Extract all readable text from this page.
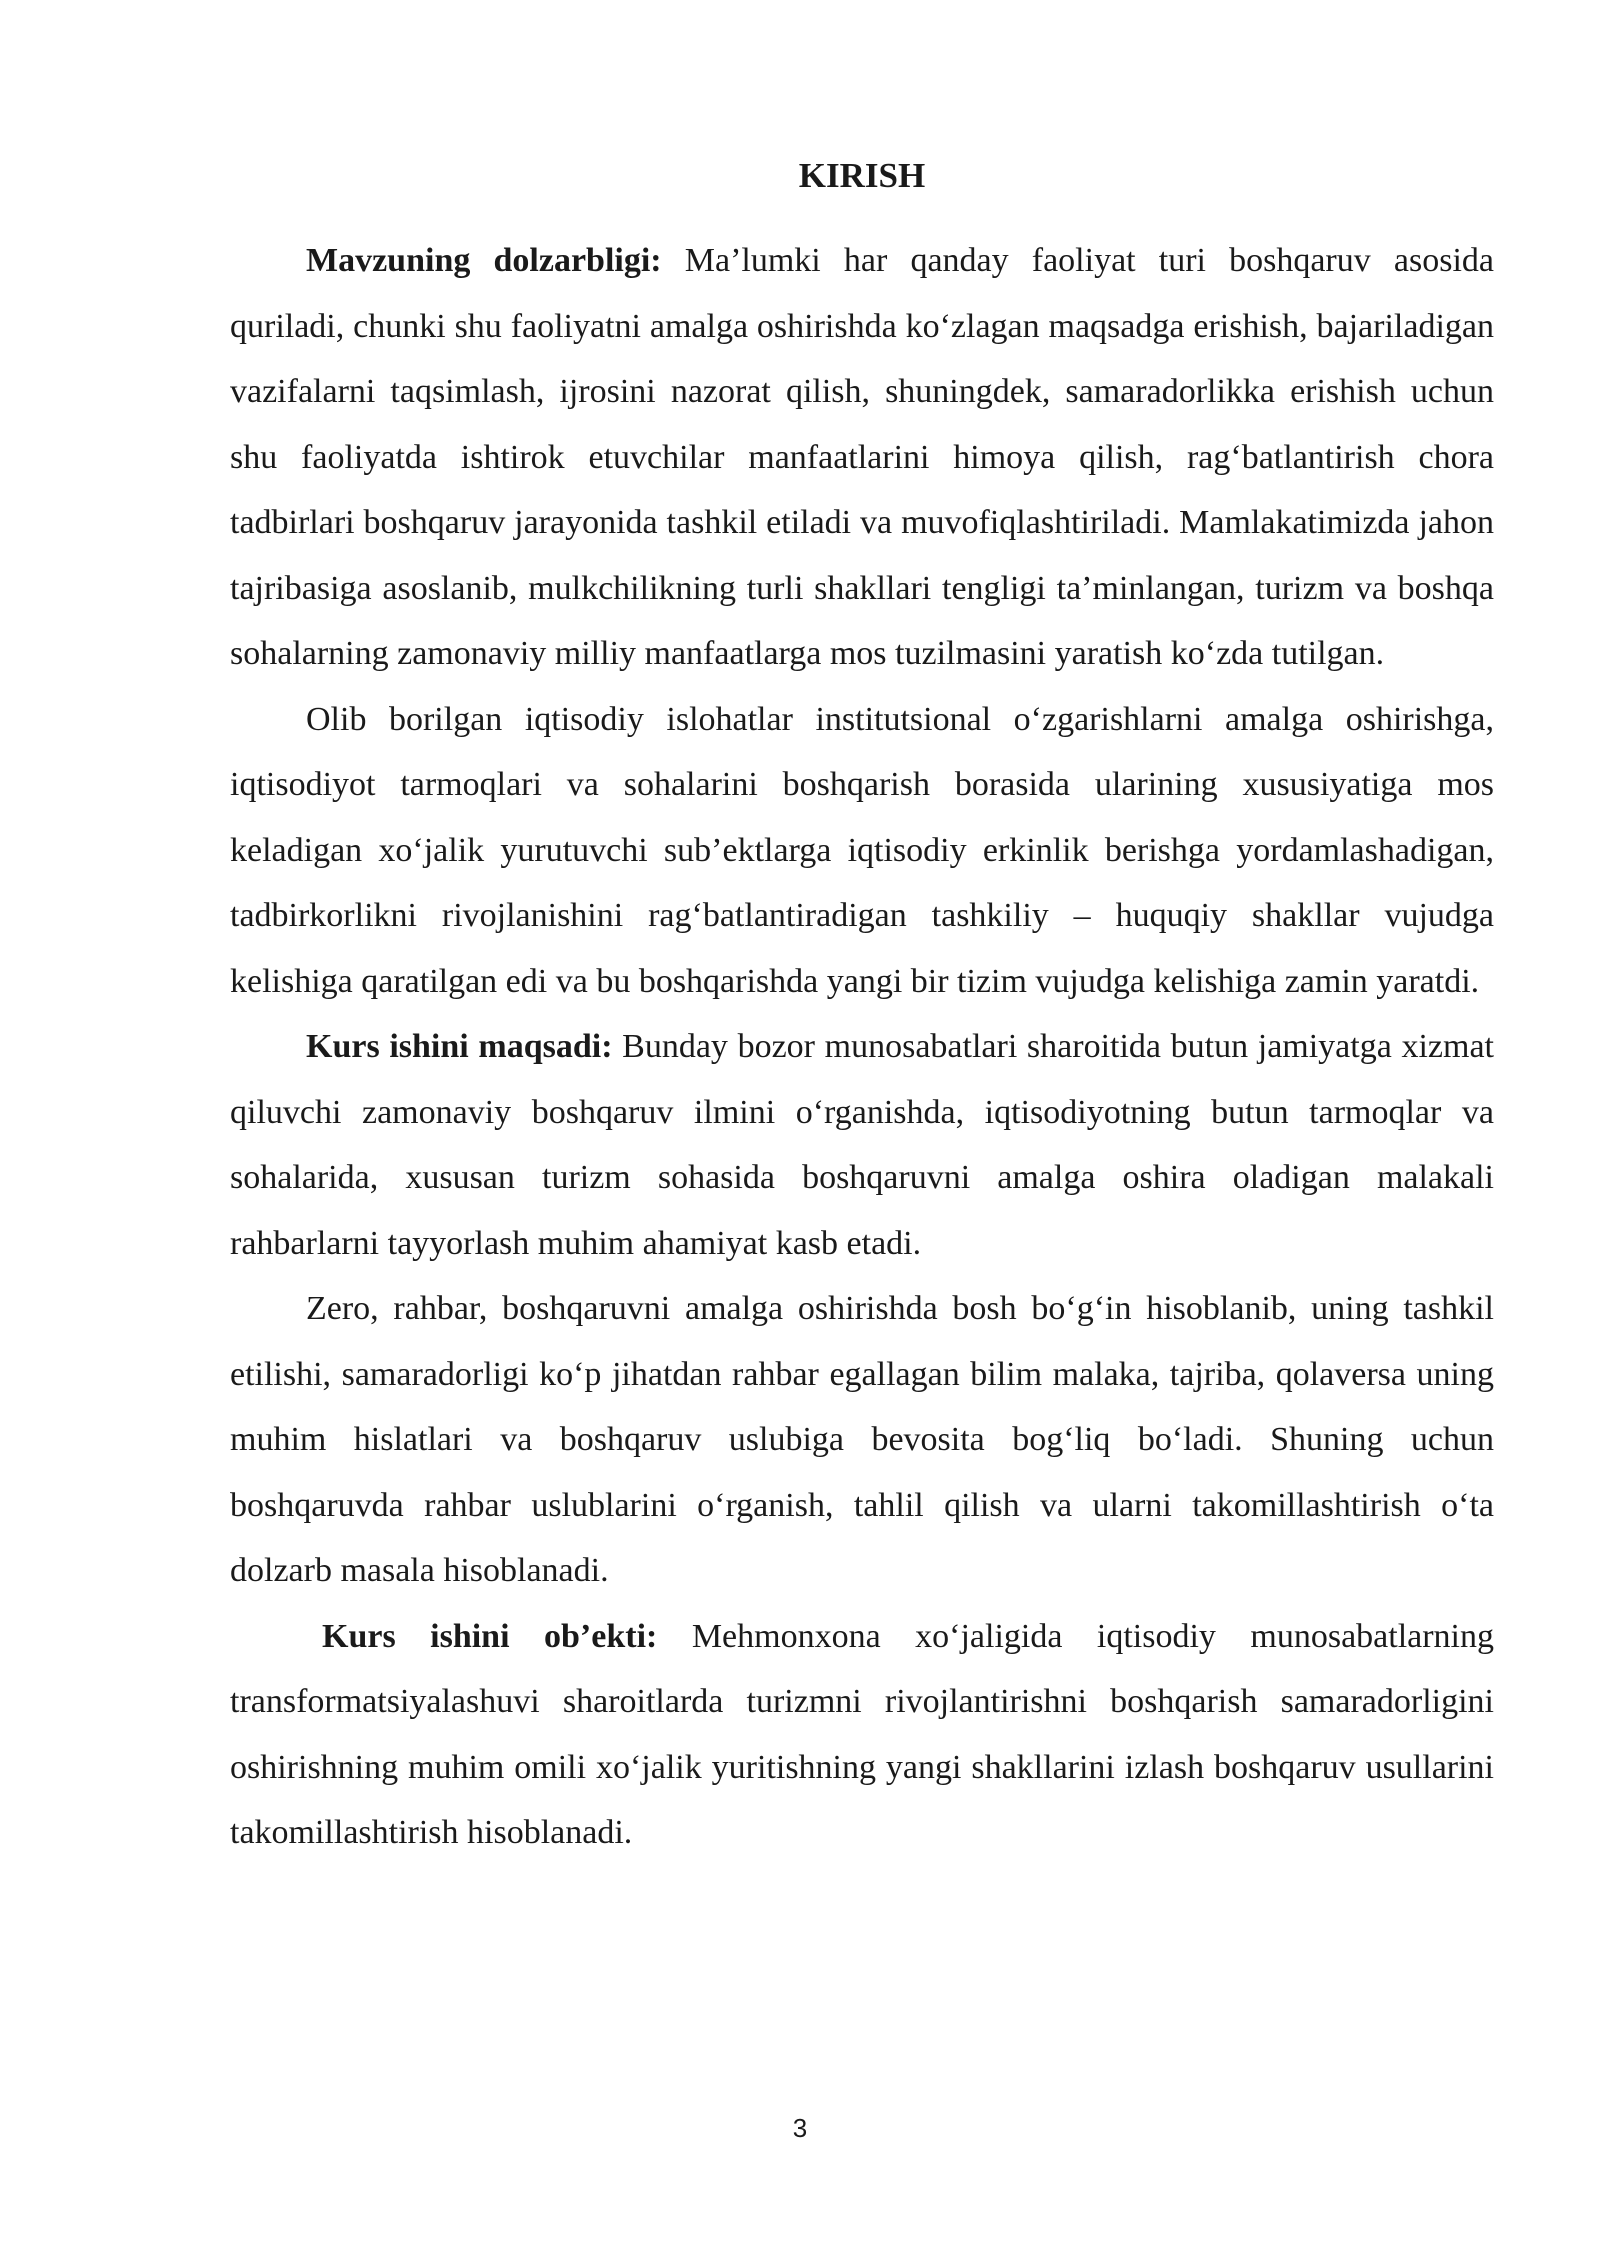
KIRISH

Mavzuning dolzarbligi: Ma’lumki har qanday faoliyat turi boshqaruv asosida quriladi, chunki shu faoliyatni amalga oshirishda ko‘zlagan maqsadga erishish, bajariladigan vazifalarni taqsimlash, ijrosini nazorat qilish, shuningdek, samaradorlikka erishish uchun shu faoliyatda ishtirok etuvchilar manfaatlarini himoya qilish, rag‘batlantirish chora tadbirlari boshqaruv jarayonida tashkil etiladi va muvofiqlashtiriladi. Mamlakatimizda jahon tajribasiga asoslanib, mulkchilikning turli shakllari tengligi ta’minlangan, turizm va boshqa sohalarning zamonaviy milliy manfaatlarga mos tuzilmasini yaratish ko‘zda tutilgan.

Olib borilgan iqtisodiy islohatlar institutsional o‘zgarishlarni amalga oshirishga, iqtisodiyot tarmoqlari va sohalarini boshqarish borasida ularining xususiyatiga mos keladigan xo‘jalik yurutuvchi sub’ektlarga iqtisodiy erkinlik berishga yordamlashadigan, tadbirkorlikni rivojlanishini rag‘batlantiradigan tashkiliy – huquqiy shakllar vujudga kelishiga qaratilgan edi va bu boshqarishda yangi bir tizim vujudga kelishiga zamin yaratdi.

Kurs ishini maqsadi: Bunday bozor munosabatlari sharoitida butun jamiyatga xizmat qiluvchi zamonaviy boshqaruv ilmini o‘rganishda, iqtisodiyotning butun tarmoqlar va sohalarida, xususan turizm sohasida boshqaruvni amalga oshira oladigan malakali rahbarlarni tayyorlash muhim ahamiyat kasb etadi.

Zero, rahbar, boshqaruvni amalga oshirishda bosh bo‘g‘in hisoblanib, uning tashkil etilishi, samaradorligi ko‘p jihatdan rahbar egallagan bilim malaka, tajriba, qolaversa uning muhim hislatlari va boshqaruv uslubiga bevosita bog‘liq bo‘ladi. Shuning uchun boshqaruvda rahbar uslublarini o‘rganish, tahlil qilish va ularni takomillashtirish o‘ta dolzarb masala hisoblanadi.

Kurs ishini ob’ekti: Mehmonxona xo‘jaligida iqtisodiy munosabatlarning transformatsiyalashuvi sharoitlarda turizmni rivojlantirishni boshqarish samaradorligini oshirishning muhim omili xo‘jalik yuritishning yangi shakllarini izlash boshqaruv usullarini takomillashtirish hisoblanadi.

3
